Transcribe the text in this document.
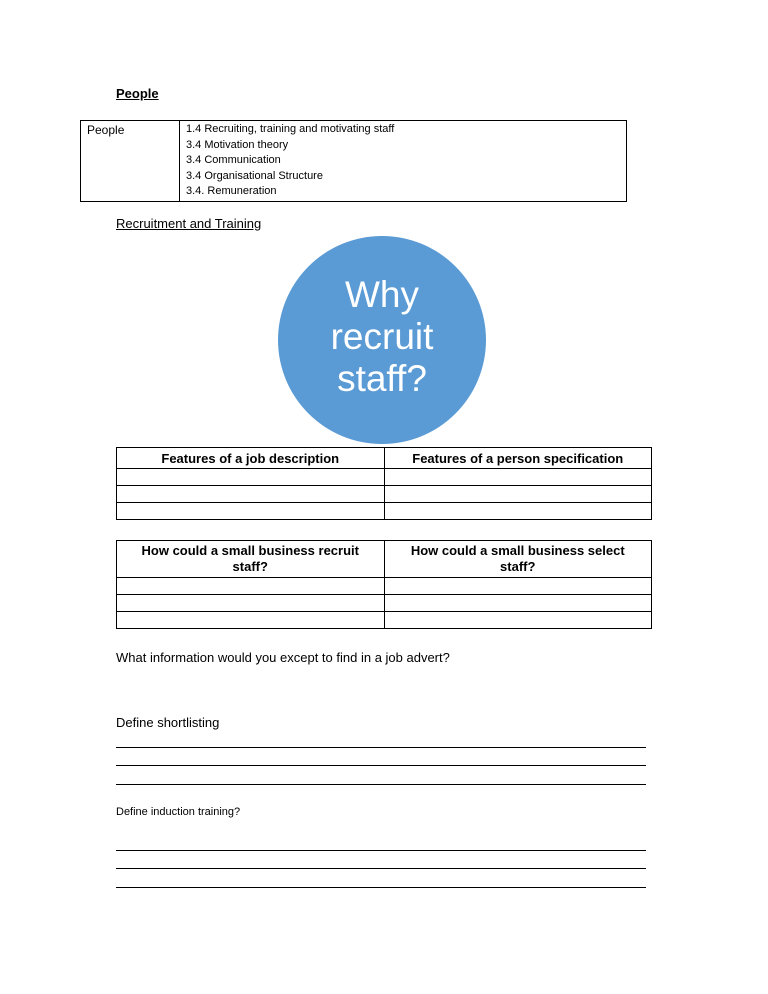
People
People	1.4 Recruiting, training and motivating staff
3.4 Motivation theory
3.4 Communication
3.4 Organisational Structure
3.4. Remuneration
Recruitment and Training
Why recruit staff?
Features of a job description	Features of a person specification

How could a small business recruit staff?	How could a small business select staff?

What information would you except to find in a job advert?
Define shortlisting
Define induction training?
